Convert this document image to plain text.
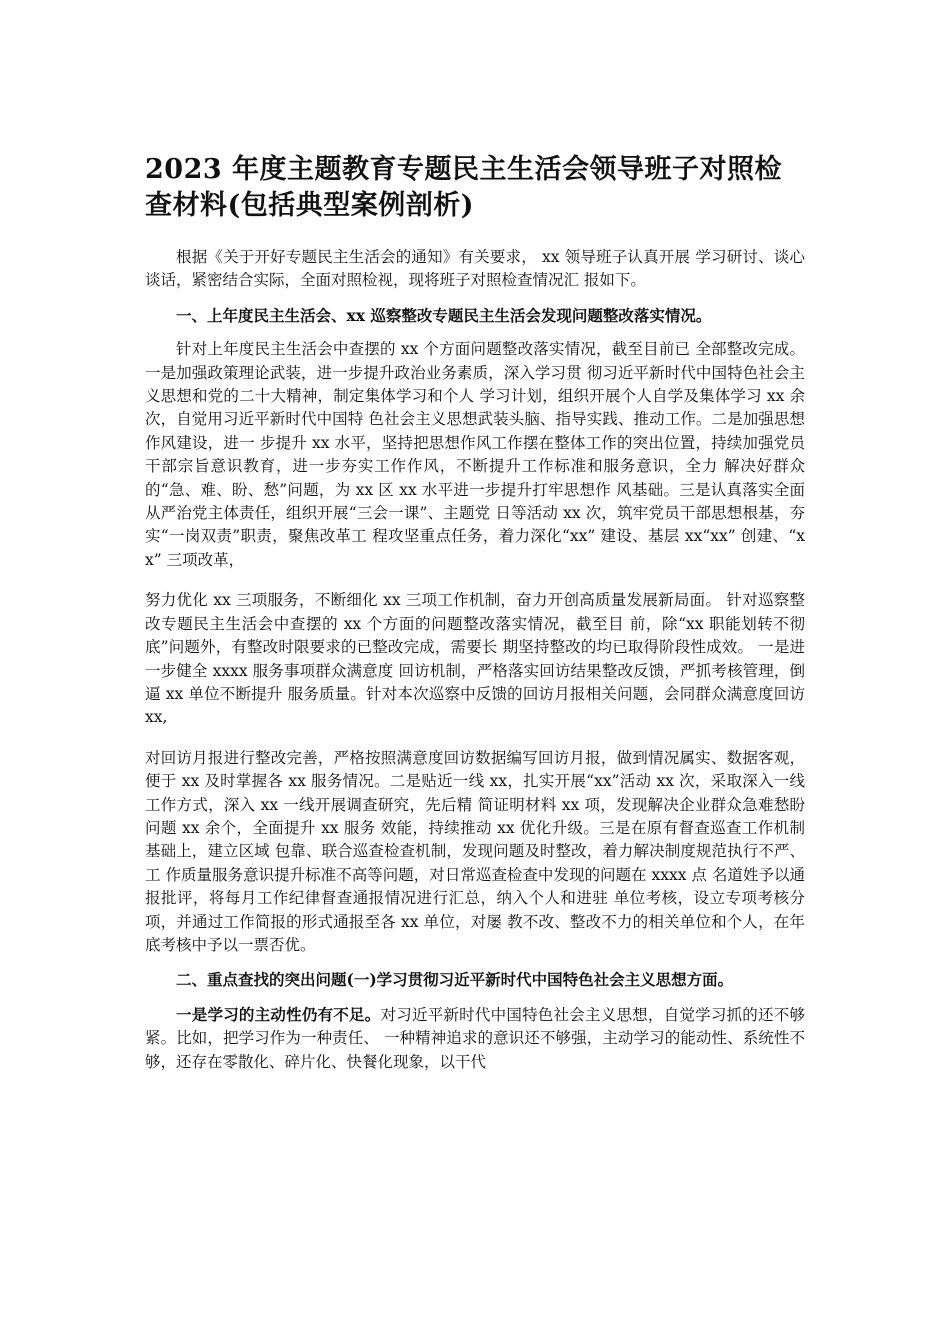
2023 年度主题教育专题民主生活会领导班子对照检查材料(包括典型案例剖析)

根据《关于开好专题民主生活会的通知》有关要求， xx 领导班子认真开展 学习研讨、谈心谈话，紧密结合实际，全面对照检视，现将班子对照检查情况汇 报如下。

一、上年度民主生活会、xx 巡察整改专题民主生活会发现问题整改落实情况。

针对上年度民主生活会中查摆的 xx 个方面问题整改落实情况，截至目前已 全部整改完成。 一是加强政策理论武装，进一步提升政治业务素质，深入学习贯 彻习近平新时代中国特色社会主义思想和党的二十大精神，制定集体学习和个人 学习计划，组织开展个人自学及集体学习 xx 余次，自觉用习近平新时代中国特 色社会主义思想武装头脑、指导实践、推动工作。二是加强思想作风建设，进一 步提升 xx 水平，坚持把思想作风工作摆在整体工作的突出位置，持续加强党员 干部宗旨意识教育，进一步夯实工作作风，不断提升工作标准和服务意识，全力 解决好群众的“急、难、盼、愁”问题，为 xx 区 xx 水平进一步提升打牢思想作 风基础。三是认真落实全面从严治党主体责任，组织开展“三会一课”、主题党 日等活动 xx 次，筑牢党员干部思想根基，夯实“一岗双责”职责，聚焦改革工 程攻坚重点任务，着力深化“xx” 建设、基层 xx“xx” 创建、“xx” 三项改革，

努力优化 xx 三项服务，不断细化 xx 三项工作机制，奋力开创高质量发展新局面。 针对巡察整改专题民主生活会中查摆的 xx 个方面的问题整改落实情况，截至目 前，除“xx 职能划转不彻底”问题外，有整改时限要求的已整改完成，需要长 期坚持整改的均已取得阶段性成效。 一是进一步健全 xxxx 服务事项群众满意度 回访机制，严格落实回访结果整改反馈，严抓考核管理，倒逼 xx 单位不断提升 服务质量。针对本次巡察中反馈的回访月报相关问题，会同群众满意度回访 xx,

对回访月报进行整改完善，严格按照满意度回访数据编写回访月报，做到情况属实、数据客观，便于 xx 及时掌握各 xx 服务情况。二是贴近一线 xx，扎实开展“xx”活动 xx 次，采取深入一线工作方式，深入 xx 一线开展调查研究，先后精 简证明材料 xx 项，发现解决企业群众急难愁盼问题 xx 余个，全面提升 xx 服务 效能，持续推动 xx 优化升级。三是在原有督查巡查工作机制基础上，建立区域 包靠、联合巡查检查机制，发现问题及时整改，着力解决制度规范执行不严、工 作质量服务意识提升标准不高等问题，对日常巡查检查中发现的问题在 xxxx 点 名道姓予以通报批评，将每月工作纪律督查通报情况进行汇总，纳入个人和进驻 单位考核，设立专项考核分项，并通过工作简报的形式通报至各 xx 单位，对屡 教不改、整改不力的相关单位和个人，在年底考核中予以一票否优。

二、重点查找的突出问题(一)学习贯彻习近平新时代中国特色社会主义思想方面。

一是学习的主动性仍有不足。对习近平新时代中国特色社会主义思想，自觉学习抓的还不够紧。比如，把学习作为一种责任、 一种精神追求的意识还不够强，主动学习的能动性、系统性不够，还存在零散化、碎片化、快餐化现象，以干代
